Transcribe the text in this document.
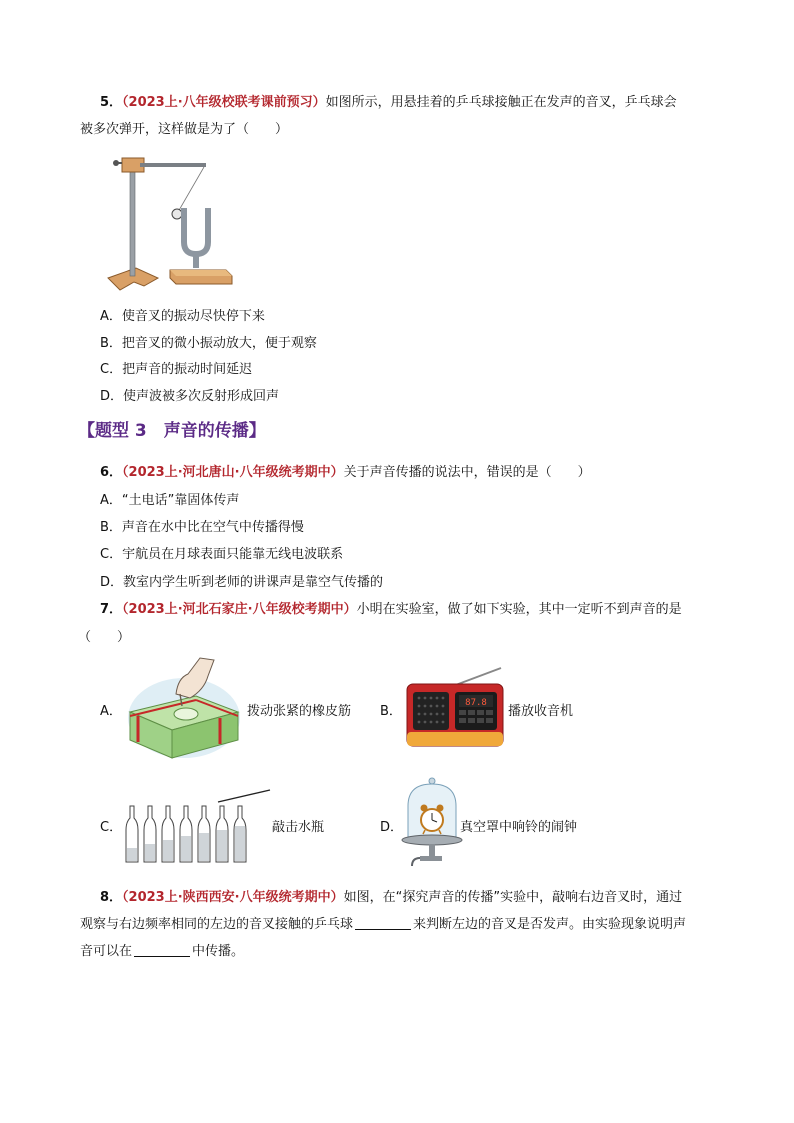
5．（2023上·八年级校联考课前预习）如图所示，用悬挂着的乒乓球接触正在发声的音叉，乒乓球会
被多次弹开，这样做是为了（　　）
A．使音叉的振动尽快停下来
B．把音叉的微小振动放大，便于观察
C．把声音的振动时间延迟
D．使声波被多次反射形成回声
【题型 3　声音的传播】
6．（2023上·河北唐山·八年级统考期中）关于声音传播的说法中，错误的是（　　）
A．“土电话”靠固体传声
B．声音在水中比在空气中传播得慢
C．宇航员在月球表面只能靠无线电波联系
D．教室内学生听到老师的讲课声是靠空气传播的
7．（2023上·河北石家庄·八年级校考期中）小明在实验室，做了如下实验，其中一定听不到声音的是
（　　）
A．	拨动张紧的橡皮筋 B．
87.8
播放收音机
C．	敲击水瓶	D．	真空罩中响铃的闹钟
8．（2023上·陕西西安·八年级统考期中）如图，在“探究声音的传播”实验中，敲响右边音叉时，通过
观察与右边频率相同的左边的音叉接触的乒乓球	来判断左边的音叉是否发声。由实验现象说明声
音可以在	中传播。
